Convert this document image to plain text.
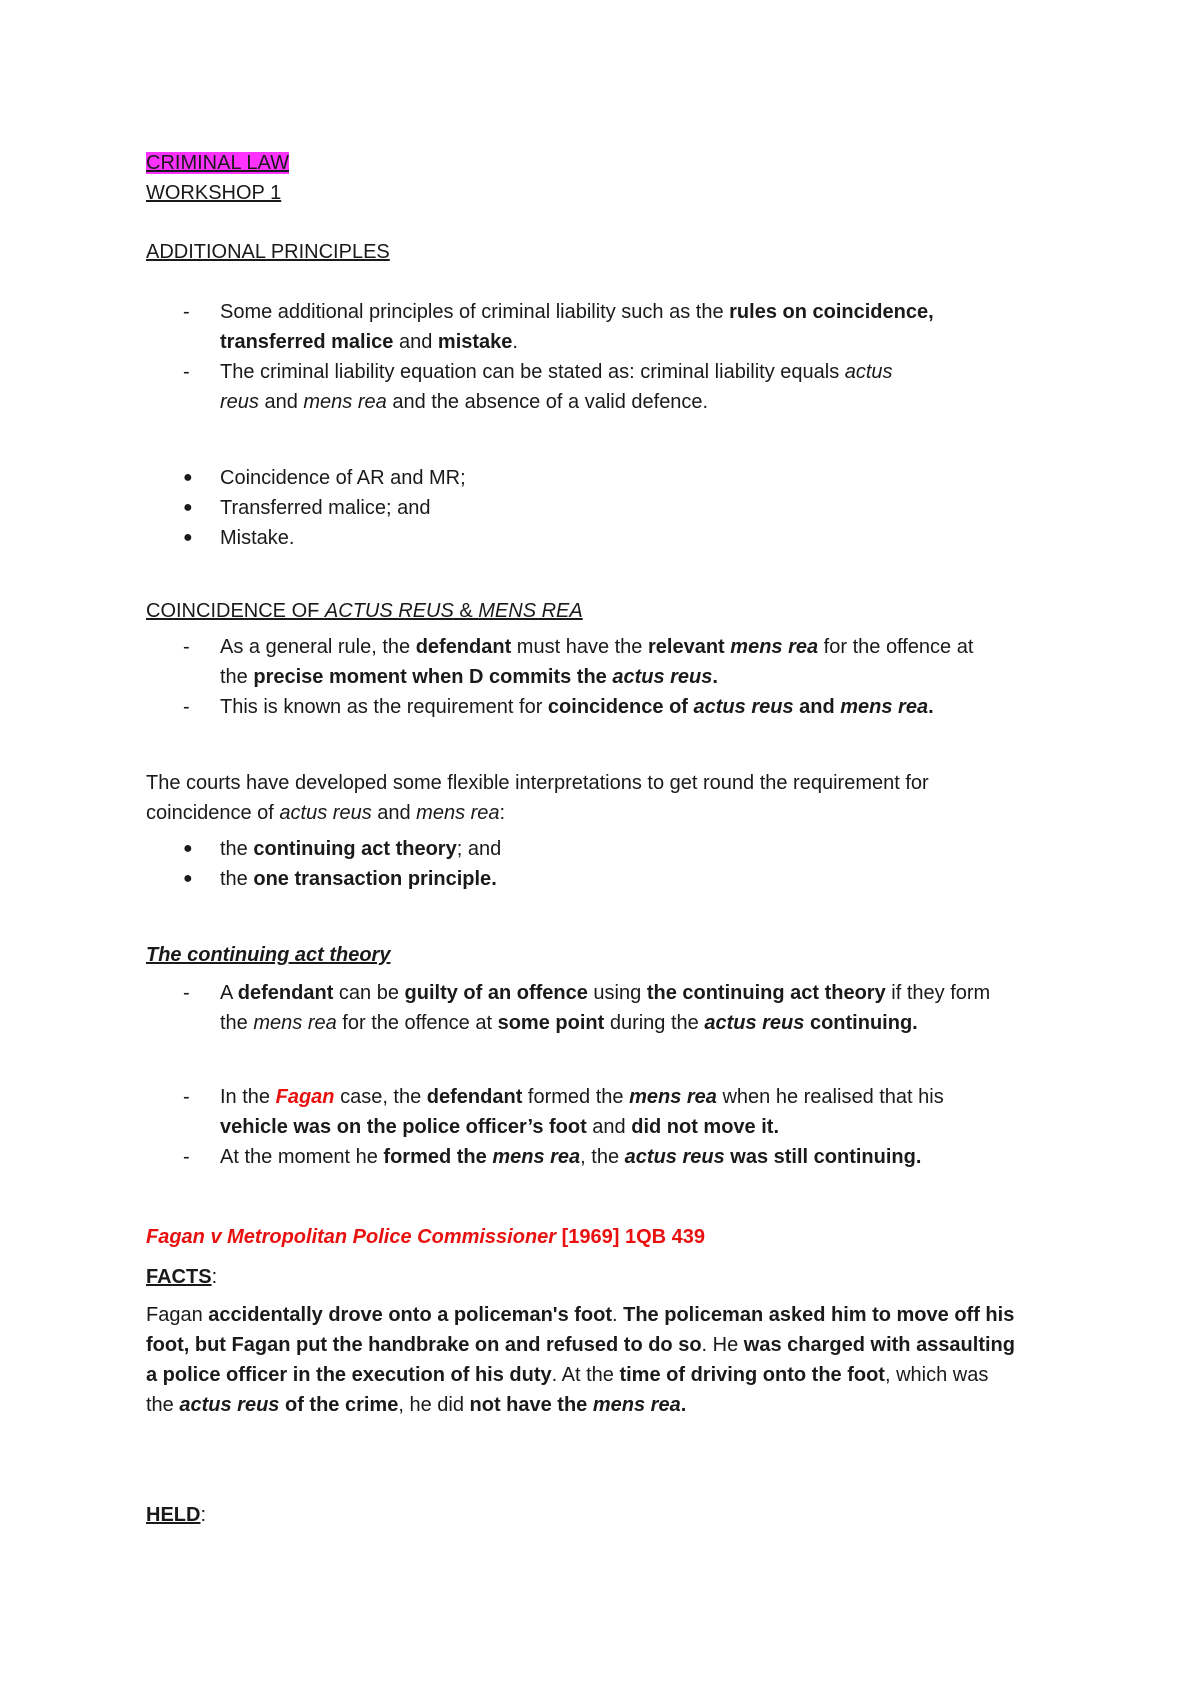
CRIMINAL LAW
WORKSHOP 1
ADDITIONAL PRINCIPLES
- Some additional principles of criminal liability such as the rules on coincidence,
transferred malice and mistake.
- The criminal liability equation can be stated as: criminal liability equals actus
reus and mens rea and the absence of a valid defence.
● Coincidence of AR and MR;
● Transferred malice; and
● Mistake.
COINCIDENCE OF ACTUS REUS & MENS REA
- As a general rule, the defendant must have the relevant mens rea for the offence at
the precise moment when D commits the actus reus.
- This is known as the requirement for coincidence of actus reus and mens rea.
The courts have developed some flexible interpretations to get round the requirement for
coincidence of actus reus and mens rea:
● the continuing act theory; and
● the one transaction principle.
The continuing act theory
- A defendant can be guilty of an offence using the continuing act theory if they form
the mens rea for the offence at some point during the actus reus continuing.
- In the Fagan case, the defendant formed the mens rea when he realised that his
vehicle was on the police officer’s foot and did not move it.
- At the moment he formed the mens rea, the actus reus was still continuing.
Fagan v Metropolitan Police Commissioner [1969] 1QB 439
FACTS:
Fagan accidentally drove onto a policeman's foot. The policeman asked him to move off his
foot, but Fagan put the handbrake on and refused to do so. He was charged with assaulting
a police officer in the execution of his duty. At the time of driving onto the foot, which was
the actus reus of the crime, he did not have the mens rea.
HELD:
